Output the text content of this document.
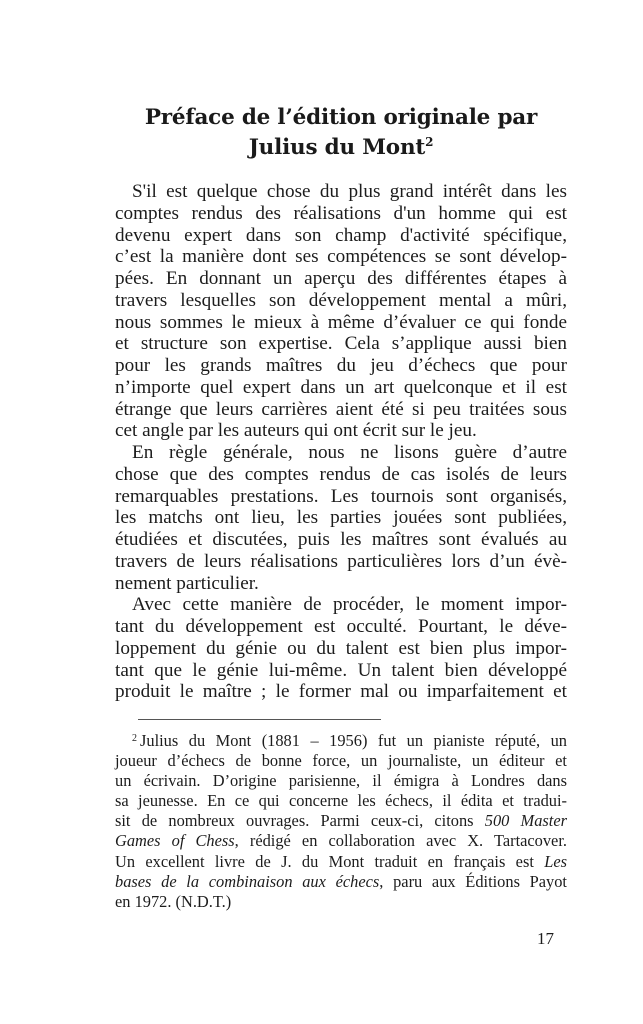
Préface de l’édition originale par
Julius du Mont$^2$
S'il est quelque chose du plus grand intérêt dans les
comptes rendus des réalisations d'un homme qui est
devenu expert dans son champ d'activité spécifique,
c’est la manière dont ses compétences se sont dévelop-
pées. En donnant un aperçu des différentes étapes à
travers lesquelles son développement mental a mûri,
nous sommes le mieux à même d’évaluer ce qui fonde
et structure son expertise. Cela s’applique aussi bien
pour les grands maîtres du jeu d’échecs que pour
n’importe quel expert dans un art quelconque et il est
étrange que leurs carrières aient été si peu traitées sous
cet angle par les auteurs qui ont écrit sur le jeu.
En règle générale, nous ne lisons guère d’autre
chose que des comptes rendus de cas isolés de leurs
remarquables prestations. Les tournois sont organisés,
les matchs ont lieu, les parties jouées sont publiées,
étudiées et discutées, puis les maîtres sont évalués au
travers de leurs réalisations particulières lors d’un évè-
nement particulier.
Avec cette manière de procéder, le moment impor-
tant du développement est occulté. Pourtant, le déve-
loppement du génie ou du talent est bien plus impor-
tant que le génie lui-même. Un talent bien développé
produit le maître ; le former mal ou imparfaitement et
$^2$ Julius du Mont (1881 – 1956) fut un pianiste réputé, un
joueur d’échecs de bonne force, un journaliste, un éditeur et
un écrivain. D’origine parisienne, il émigra à Londres dans
sa jeunesse. En ce qui concerne les échecs, il édita et tradui-
sit de nombreux ouvrages. Parmi ceux-ci, citons 500 Master
Games of Chess, rédigé en collaboration avec X. Tartacover.
Un excellent livre de J. du Mont traduit en français est Les
bases de la combinaison aux échecs, paru aux Éditions Payot
en 1972. (N.D.T.)
17
